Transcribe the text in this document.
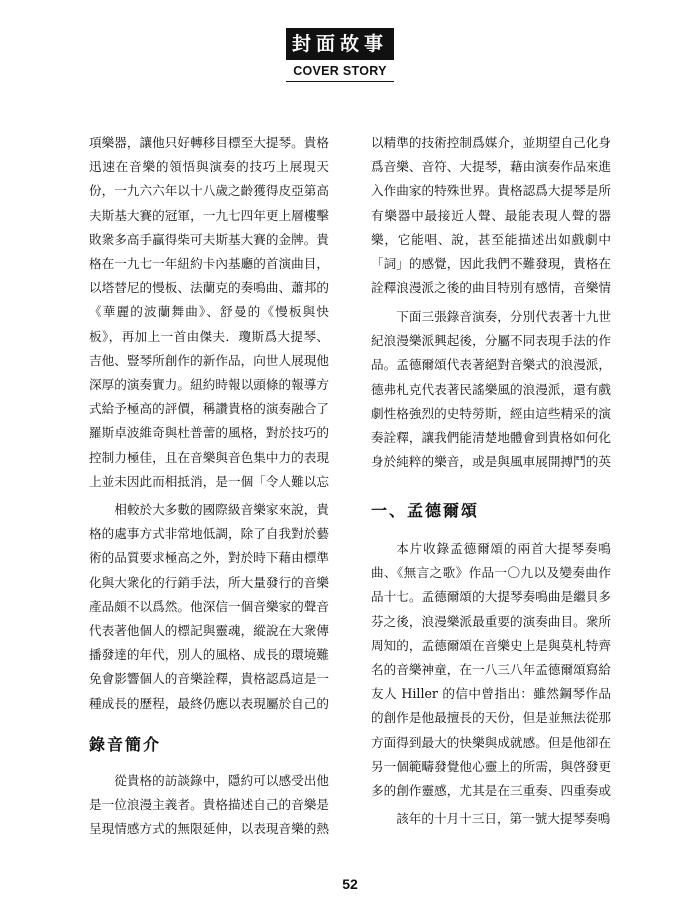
封面故事
COVER STORY

項樂器，讓他只好轉移目標至大提琴。貴格迅速在音樂的領悟與演奏的技巧上展現天份，一九六六年以十八歲之齡獲得皮亞第高夫斯基大賽的冠軍，一九七四年更上層樓擊敗衆多高手贏得柴可夫斯基大賽的金牌。貴格在一九七一年紐約卡內基廳的首演曲目，以塔替尼的慢板、法蘭克的奏鳴曲、蕭邦的《華麗的波蘭舞曲》、舒曼的《慢板與快板》，再加上一首由傑夫．瓊斯爲大提琴、吉他、豎琴所創作的新作品，向世人展現他深厚的演奏實力。紐約時報以頭條的報導方式給予極高的評價，稱讚貴格的演奏融合了羅斯卓波維奇與杜普蕾的風格，對於技巧的控制力極佳，且在音樂與音色集中力的表現上並未因此而相抵消，是一個「令人難以忘

相較於大多數的國際級音樂家來說，貴格的處事方式非常地低調，除了自我對於藝術的品質要求極高之外，對於時下藉由標準化與大衆化的行銷手法，所大量發行的音樂產品頗不以爲然。他深信一個音樂家的聲音代表著他個人的標記與靈魂，縱說在大衆傳播發達的年代，別人的風格、成長的環境難免會影響個人的音樂詮釋，貴格認爲這是一種成長的歷程，最終仍應以表現屬於自己的

錄音簡介

從貴格的訪談錄中，隱約可以感受出他是一位浪漫主義者。貴格描述自己的音樂是呈現情感方式的無限延伸，以表現音樂的熱

以精準的技術控制爲媒介，並期望自己化身爲音樂、音符、大提琴，藉由演奏作品來進入作曲家的特殊世界。貴格認爲大提琴是所有樂器中最接近人聲、最能表現人聲的器樂，它能唱、說，甚至能描述出如戲劇中「詞」的感覺，因此我們不難發現，貴格在詮釋浪漫派之後的曲目特別有感情，音樂情

下面三張錄音演奏，分別代表著十九世紀浪漫樂派興起後，分屬不同表現手法的作品。孟德爾頌代表著絕對音樂式的浪漫派，德弗札克代表著民謠樂風的浪漫派，還有戲劇性格強烈的史特勞斯，經由這些精采的演奏詮釋，讓我們能清楚地體會到貴格如何化身於純粹的樂音，或是與風車展開搏鬥的英

一、孟德爾頌

本片收錄孟德爾頌的兩首大提琴奏鳴曲、《無言之歌》作品一〇九以及變奏曲作品十七。孟德爾頌的大提琴奏鳴曲是繼貝多芬之後，浪漫樂派最重要的演奏曲目。衆所周知的，孟德爾頌在音樂史上是與莫札特齊名的音樂神童，在一八三八年孟德爾頌寫給友人 Hiller 的信中曾指出：雖然鋼琴作品的創作是他最擅長的天份，但是並無法從那方面得到最大的快樂與成就感。但是他卻在另一個範疇發覺他心靈上的所需，與啓發更多的創作靈感，尤其是在三重奏、四重奏或

該年的十月十三日，第一號大提琴奏鳴

52
